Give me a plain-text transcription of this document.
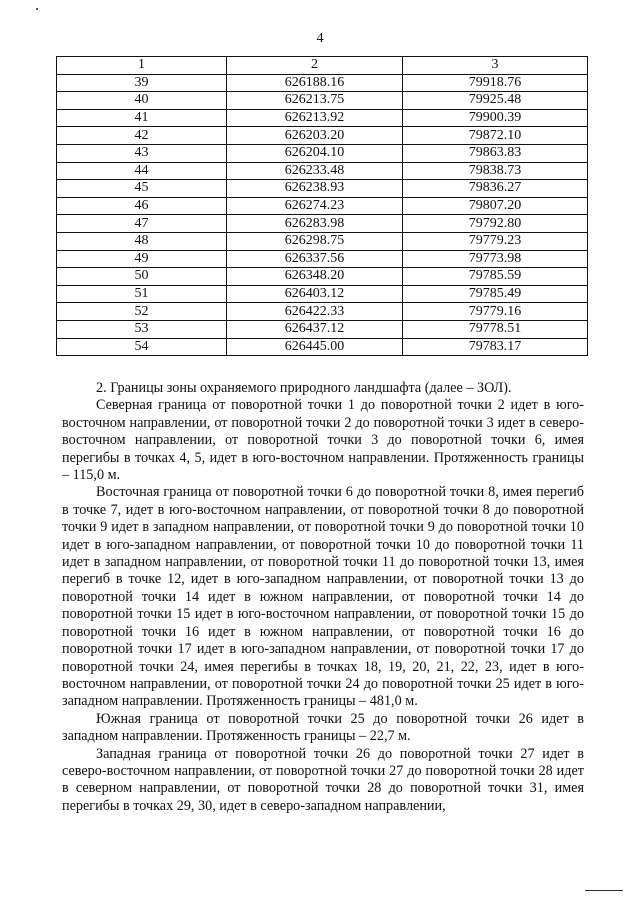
4
1	2	3
39	626188.16	79918.76
40	626213.75	79925.48
41	626213.92	79900.39
42	626203.20	79872.10
43	626204.10	79863.83
44	626233.48	79838.73
45	626238.93	79836.27
46	626274.23	79807.20
47	626283.98	79792.80
48	626298.75	79779.23
49	626337.56	79773.98
50	626348.20	79785.59
51	626403.12	79785.49
52	626422.33	79779.16
53	626437.12	79778.51
54	626445.00	79783.17

2. Границы зоны охраняемого природного ландшафта (далее – ЗОЛ).

Северная граница от поворотной точки 1 до поворотной точки 2 идет в юго-восточном направлении, от поворотной точки 2 до поворотной точки 3 идет в северо-восточном направлении, от поворотной точки 3 до поворотной точки 6, имея перегибы в точках 4, 5, идет в юго-восточном направлении. Протяженность границы – 115,0 м.

Восточная граница от поворотной точки 6 до поворотной точки 8, имея перегиб в точке 7, идет в юго-восточном направлении, от поворотной точки 8 до поворотной точки 9 идет в западном направлении, от поворотной точки 9 до поворотной точки 10 идет в юго-западном направлении, от поворотной точки 10 до поворотной точки 11 идет в западном направлении, от поворотной точки 11 до поворотной точки 13, имея перегиб в точке 12, идет в юго-западном направлении, от поворотной точки 13 до поворотной точки 14 идет в южном направлении, от поворотной точки 14 до поворотной точки 15 идет в юго-восточном направлении, от поворотной точки 15 до поворотной точки 16 идет в южном направлении, от поворотной точки 16 до поворотной точки 17 идет в юго-западном направлении, от поворотной точки 17 до поворотной точки 24, имея перегибы в точках 18, 19, 20, 21, 22, 23, идет в юго-восточном направлении, от поворотной точки 24 до поворотной точки 25 идет в юго-западном направлении. Протяженность границы – 481,0 м.

Южная граница от поворотной точки 25 до поворотной точки 26 идет в западном направлении. Протяженность границы – 22,7 м.

Западная граница от поворотной точки 26 до поворотной точки 27 идет в северо-восточном направлении, от поворотной точки 27 до поворотной точки 28 идет в северном направлении, от поворотной точки 28 до поворотной точки 31, имея перегибы в точках 29, 30, идет в северо-западном направлении,
